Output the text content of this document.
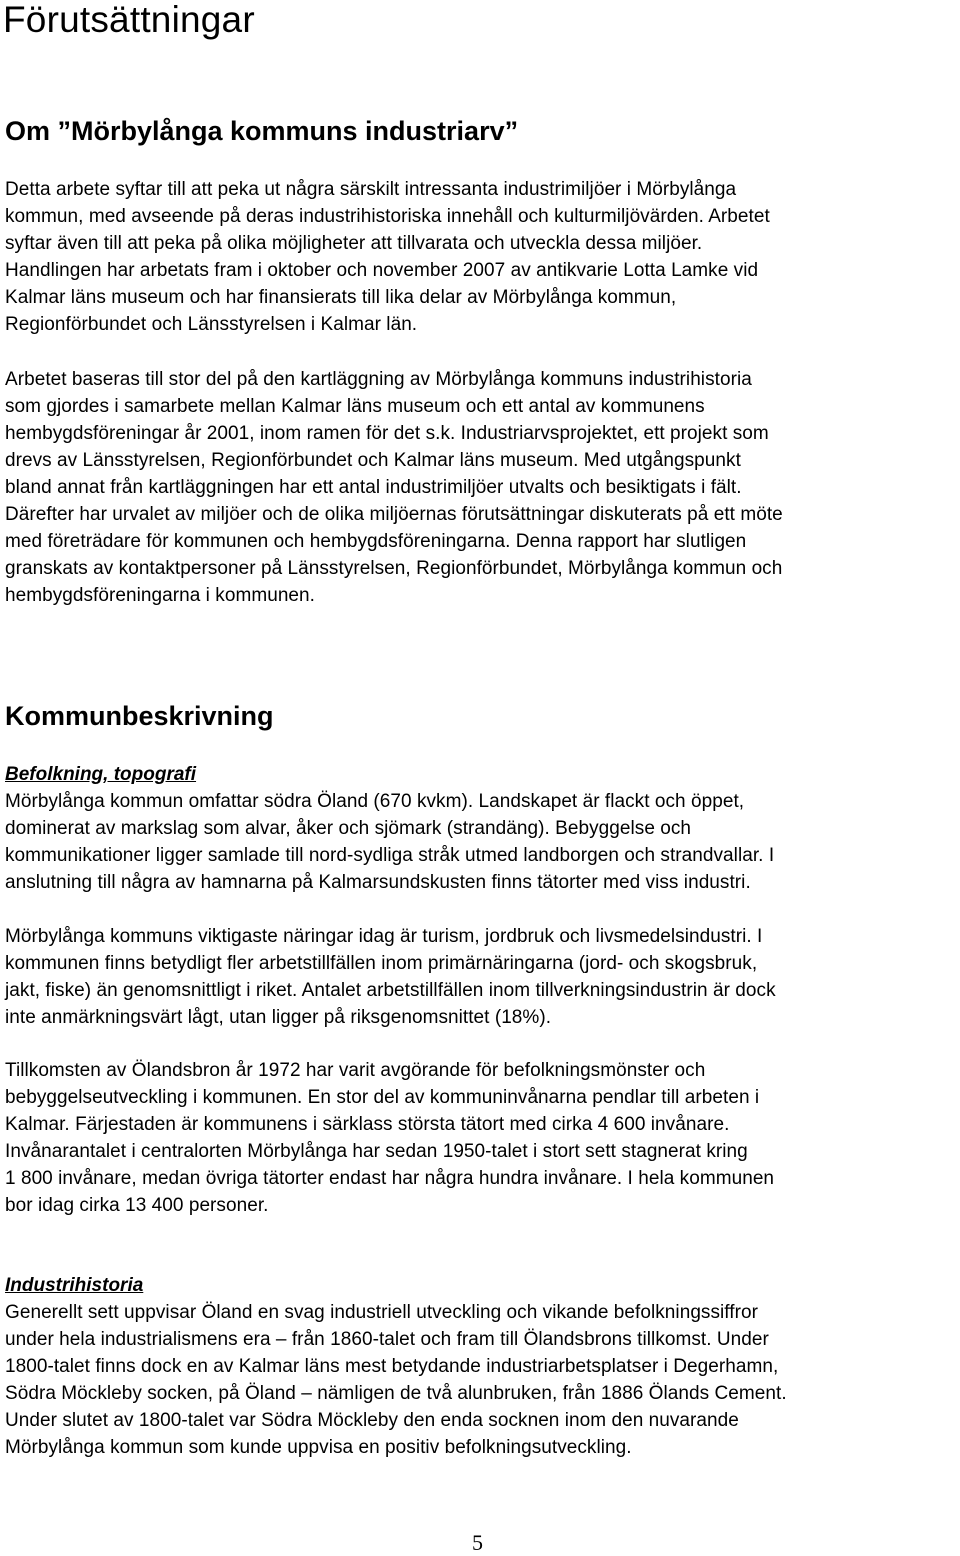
Förutsättningar
Om ”Mörbylånga kommuns industriarv”

Detta arbete syftar till att peka ut några särskilt intressanta industrimiljöer i Mörbylånga
kommun, med avseende på deras industrihistoriska innehåll och kulturmiljövärden. Arbetet
syftar även till att peka på olika möjligheter att tillvarata och utveckla dessa miljöer.
Handlingen har arbetats fram i oktober och november 2007 av antikvarie Lotta Lamke vid
Kalmar läns museum och har finansierats till lika delar av Mörbylånga kommun,
Regionförbundet och Länsstyrelsen i Kalmar län.

Arbetet baseras till stor del på den kartläggning av Mörbylånga kommuns industrihistoria
som gjordes i samarbete mellan Kalmar läns museum och ett antal av kommunens
hembygdsföreningar år 2001, inom ramen för det s.k. Industriarvsprojektet, ett projekt som
drevs av Länsstyrelsen, Regionförbundet och Kalmar läns museum. Med utgångspunkt
bland annat från kartläggningen har ett antal industrimiljöer utvalts och besiktigats i fält.
Därefter har urvalet av miljöer och de olika miljöernas förutsättningar diskuterats på ett möte
med företrädare för kommunen och hembygdsföreningarna. Denna rapport har slutligen
granskats av kontaktpersoner på Länsstyrelsen, Regionförbundet, Mörbylånga kommun och
hembygdsföreningarna i kommunen.

Kommunbeskrivning
Befolkning, topografi

Mörbylånga kommun omfattar södra Öland (670 kvkm). Landskapet är flackt och öppet,
dominerat av markslag som alvar, åker och sjömark (strandäng). Bebyggelse och
kommunikationer ligger samlade till nord-sydliga stråk utmed landborgen och strandvallar. I
anslutning till några av hamnarna på Kalmarsundskusten finns tätorter med viss industri.

Mörbylånga kommuns viktigaste näringar idag är turism, jordbruk och livsmedelsindustri. I
kommunen finns betydligt fler arbetstillfällen inom primärnäringarna (jord- och skogsbruk,
jakt, fiske) än genomsnittligt i riket. Antalet arbetstillfällen inom tillverkningsindustrin är dock
inte anmärkningsvärt lågt, utan ligger på riksgenomsnittet (18%).

Tillkomsten av Ölandsbron år 1972 har varit avgörande för befolkningsmönster och
bebyggelseutveckling i kommunen. En stor del av kommuninvånarna pendlar till arbeten i
Kalmar. Färjestaden är kommunens i särklass största tätort med cirka 4 600 invånare.
Invånarantalet i centralorten Mörbylånga har sedan 1950-talet i stort sett stagnerat kring
1 800 invånare, medan övriga tätorter endast har några hundra invånare. I hela kommunen
bor idag cirka 13 400 personer.

Industrihistoria

Generellt sett uppvisar Öland en svag industriell utveckling och vikande befolkningssiffror
under hela industrialismens era – från 1860-talet och fram till Ölandsbrons tillkomst. Under
1800-talet finns dock en av Kalmar läns mest betydande industriarbetsplatser i Degerhamn,
Södra Möckleby socken, på Öland – nämligen de två alunbruken, från 1886 Ölands Cement.
Under slutet av 1800-talet var Södra Möckleby den enda socknen inom den nuvarande
Mörbylånga kommun som kunde uppvisa en positiv befolkningsutveckling.

5
